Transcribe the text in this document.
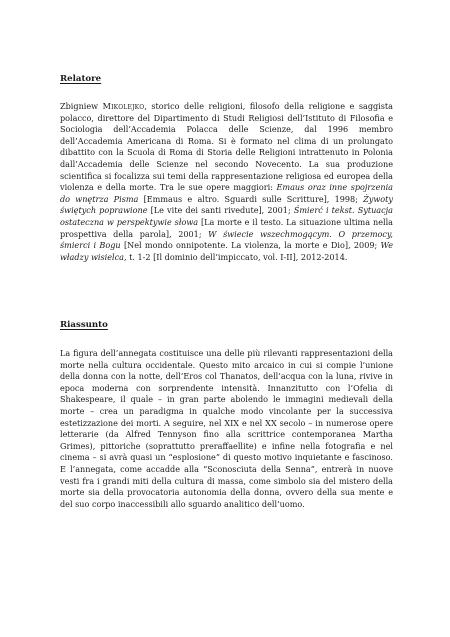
Relatore

Zbigniew Mikolejko, storico delle religioni, filosofo della religione e saggista polacco, direttore del Dipartimento di Studi Religiosi dell’Istituto di Filosofia e Sociologia dell’Accademia Polacca delle Scienze, dal 1996 membro dell’Accademia Americana di Roma. Si è formato nel clima di un prolungato dibattito con la Scuola di Roma di Storia delle Religioni intrattenuto in Polonia dall’Accademia delle Scienze nel secondo Novecento. La sua produzione scientifica si focalizza sui temi della rappresentazione religiosa ed europea della violenza e della morte. Tra le sue opere maggiori: Emaus oraz inne spojrzenia do wnętrza Pisma [Emmaus e altro. Sguardi sulle Scritture], 1998; Żywoty świętych poprawione [Le vite dei santi rivedute], 2001; Śmierć i tekst. Sytuacja ostateczna w perspektywie słowa [La morte e il testo. La situazione ultima nella prospettiva della parola], 2001; W świecie wszechmogącym. O przemocy, śmierci i Bogu [Nel mondo onnipotente. La violenza, la morte e Dio], 2009; We władzy wisielca, t. 1-2 [Il dominio dell’impiccato, vol. I-II], 2012-2014.

Riassunto

La figura dell’annegata costituisce una delle più rilevanti rappresentazioni della morte nella cultura occidentale. Questo mito arcaico in cui si compie l’unione della donna con la notte, dell’Eros col Thanatos, dell’acqua con la luna, rivive in epoca moderna con sorprendente intensità. Innanzitutto con l’Ofelia di Shakespeare, il quale – in gran parte abolendo le immagini medievali della morte – crea un paradigma in qualche modo vincolante per la successiva estetizzazione dei morti. A seguire, nel XIX e nel XX secolo – in numerose opere letterarie (da Alfred Tennyson fino alla scrittrice contemporanea Martha Grimes), pittoriche (soprattutto preraffaellite) e infine nella fotografia e nel cinema – si avrà quasi un “esplosione” di questo motivo inquietante e fascinoso. E l’annegata, come accadde alla “Sconosciuta della Senna”, entrerà in nuove vesti fra i grandi miti della cultura di massa, come simbolo sia del mistero della morte sia della provocatoria autonomia della donna, ovvero della sua mente e del suo corpo inaccessibili allo sguardo analitico dell’uomo.
